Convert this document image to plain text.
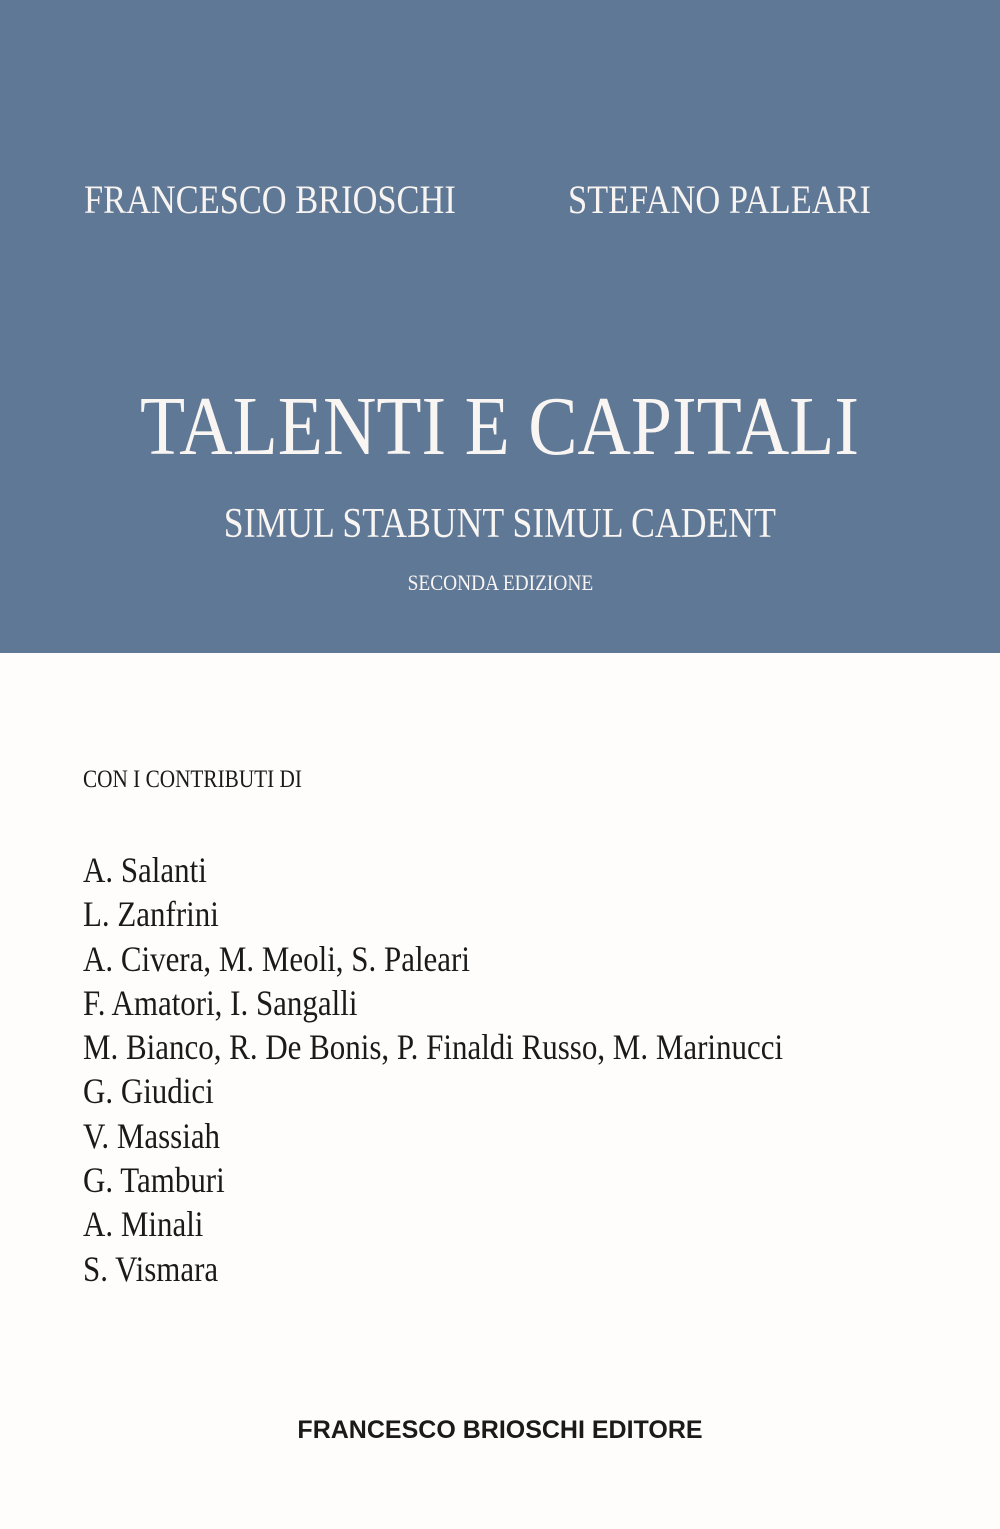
FRANCESCO BRIOSCHI	STEFANO PALEARI
TALENTI E CAPITALI
SIMUL STABUNT SIMUL CADENT
SECONDA EDIZIONE
CON I CONTRIBUTI DI
A. Salanti
L. Zanfrini
A. Civera, M. Meoli, S. Paleari
F. Amatori, I. Sangalli
M. Bianco, R. De Bonis, P. Finaldi Russo, M. Marinucci
G. Giudici
V. Massiah
G. Tamburi
A. Minali
S. Vismara
FRANCESCO BRIOSCHI EDITORE
